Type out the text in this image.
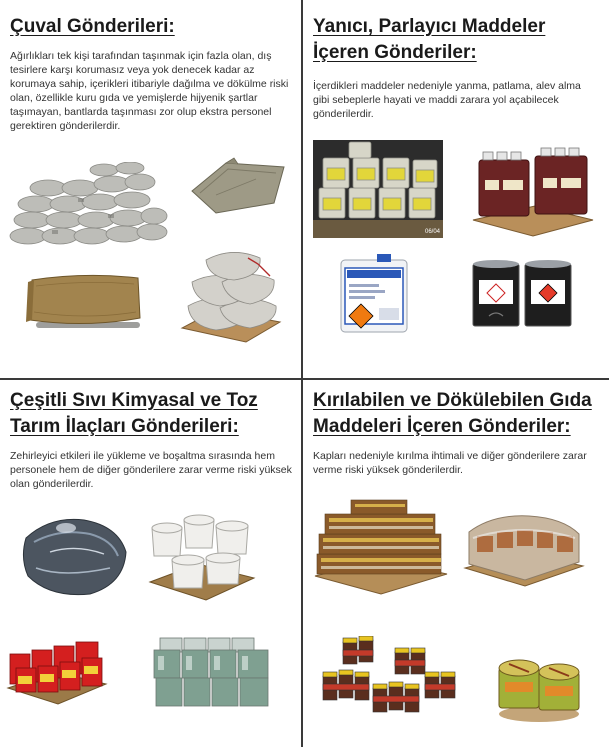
Çuval Gönderileri:

Ağırlıkları tek kişi tarafından taşınmak için fazla olan, dış tesirlere karşı korumasız veya yok denecek kadar az korumaya sahip, içerikleri itibariyle dağılma ve dökülme riski olan, özellikle kuru gıda ve yemişlerde hijyenik şartlar taşımayan, bantlarda taşınması zor olup ekstra personel gerektiren gönderilerdir.

Yanıcı, Parlayıcı Maddeler
İçeren Gönderiler:

İçerdikleri maddeler nedeniyle yanma, patlama, alev alma gibi sebeplerle hayati ve maddi zarara yol açabilecek gönderilerdir.

06/04
Çeşitli Sıvı Kimyasal ve Toz
Tarım İlaçları Gönderileri:

Zehirleyici etkileri ile yükleme ve boşaltma sırasında hem personele hem de diğer gönderilere zarar verme riski yüksek olan gönderilerdir.

Kırılabilen ve Dökülebilen Gıda
Maddeleri İçeren Gönderiler:

Kapları nedeniyle kırılma ihtimali ve diğer gönderilere zarar verme riski yüksek gönderilerdir.
